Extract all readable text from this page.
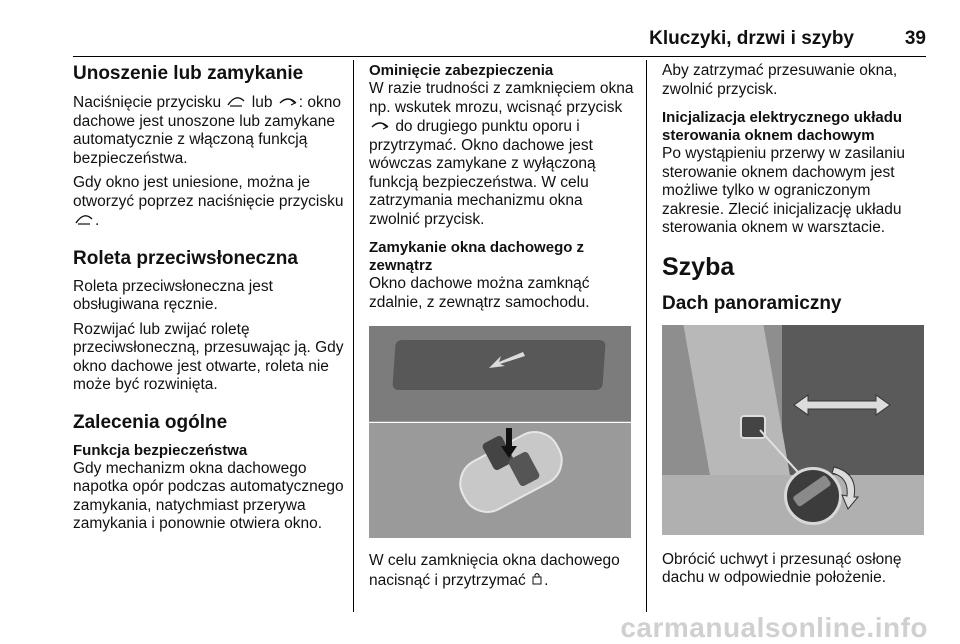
Kluczyki, drzwi i szyby	39
Unoszenie lub zamykanie

Naciśnięcie przycisku lub : okno dachowe jest unoszone lub zamykane automatycznie z włączoną funkcją bezpieczeństwa.

Gdy okno jest uniesione, można je otworzyć poprzez naciśnięcie przycisku .

Roleta przeciwsłoneczna

Roleta przeciwsłoneczna jest obsługiwana ręcznie.

Rozwijać lub zwijać roletę przeciwsłoneczną, przesuwając ją. Gdy okno dachowe jest otwarte, roleta nie może być rozwinięta.

Zalecenia ogólne
Funkcja bezpieczeństwa

Gdy mechanizm okna dachowego napotka opór podczas automatycznego zamykania, natychmiast przerywa zamykania i ponownie otwiera okno.

Ominięcie zabezpieczenia

W razie trudności z zamknięciem okna np. wskutek mrozu, wcisnąć przycisk  do drugiego punktu oporu i przytrzymać. Okno dachowe jest wówczas zamykane z wyłączoną funkcją bezpieczeństwa. W celu zatrzymania mechanizmu okna zwolnić przycisk.

Zamykanie okna dachowego z zewnątrz

Okno dachowe można zamknąć zdalnie, z zewnątrz samochodu.

W celu zamknięcia okna dachowego nacisnąć i przytrzymać .

Aby zatrzymać przesuwanie okna, zwolnić przycisk.

Inicjalizacja elektrycznego układu sterowania oknem dachowym

Po wystąpieniu przerwy w zasilaniu sterowanie oknem dachowym jest możliwe tylko w ograniczonym zakresie. Zlecić inicjalizację układu sterowania oknem w warsztacie.

Szyba
Dach panoramiczny

Obrócić uchwyt i przesunąć osłonę dachu w odpowiednie położenie.

carmanualsonline.info
